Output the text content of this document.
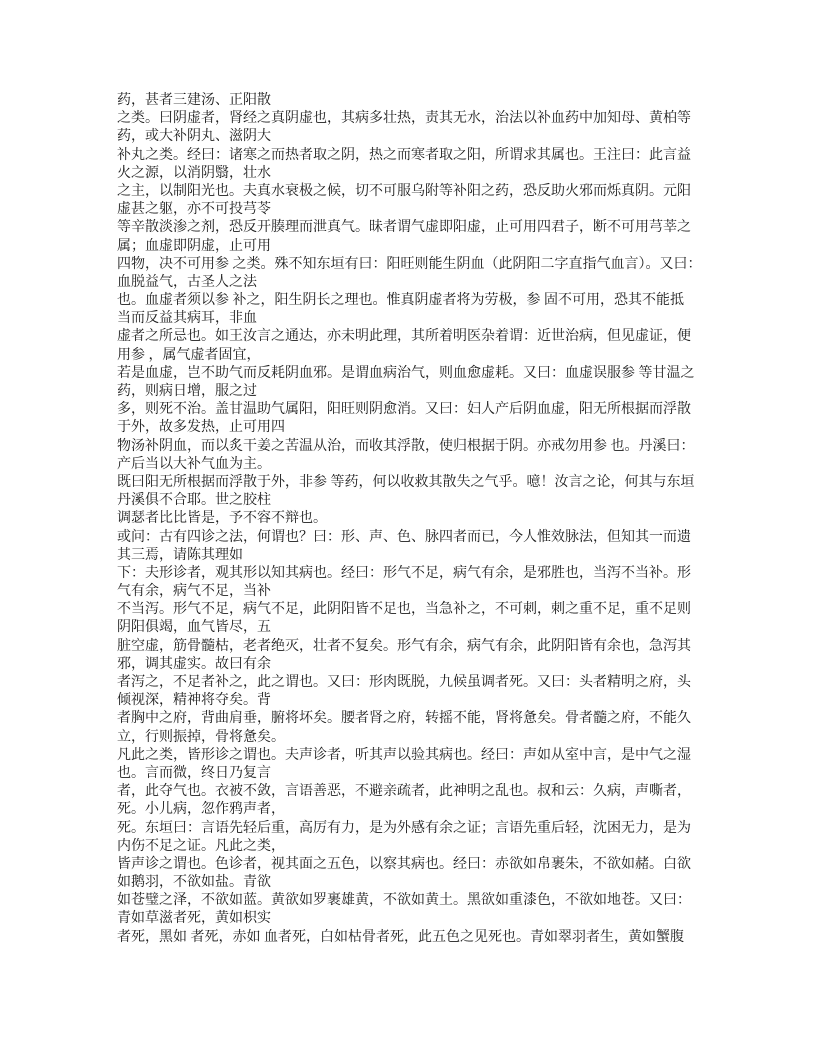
药，甚者三建汤、正阳散
之类。曰阴虚者，肾经之真阴虚也，其病多壮热，责其无水，治法以补血药中加知母、黄柏等
药，或大补阴丸、滋阴大
补丸之类。经曰：诸寒之而热者取之阴，热之而寒者取之阳，所谓求其属也。王注曰：此言益
火之源，以消阴翳，壮水
之主，以制阳光也。夫真水衰极之候，切不可服乌附等补阳之药，恐反助火邪而烁真阴。元阳
虚甚之躯，亦不可投芎苓
等辛散淡渗之剂，恐反开腠理而泄真气。昧者谓气虚即阳虚，止可用四君子，断不可用芎莘之
属；血虚即阴虚，止可用
四物，决不可用参 之类。殊不知东垣有曰：阳旺则能生阴血（此阴阳二字直指气血言）。又曰：
血脱益气，古圣人之法
也。血虚者须以参 补之，阳生阴长之理也。惟真阴虚者将为劳极，参 固不可用，恐其不能抵
当而反益其病耳，非血
虚者之所忌也。如王汝言之通达，亦未明此理，其所着明医杂着谓：近世治病，但见虚证，便
用参 ，属气虚者固宜，
若是血虚，岂不助气而反耗阴血邪。是谓血病治气，则血愈虚耗。又曰：血虚误服参 等甘温之
药，则病日增，服之过
多，则死不治。盖甘温助气属阳，阳旺则阴愈消。又曰：妇人产后阴血虚，阳无所根据而浮散
于外，故多发热，止可用四
物汤补阴血，而以炙干姜之苦温从治，而收其浮散，使归根据于阴。亦戒勿用参 也。丹溪曰：
产后当以大补气血为主。
既曰阳无所根据而浮散于外，非参 等药，何以收救其散失之气乎。噫！汝言之论，何其与东垣
丹溪俱不合耶。世之胶柱
调瑟者比比皆是，予不容不辩也。
或问：古有四诊之法，何谓也？曰：形、声、色、脉四者而已，今人惟效脉法，但知其一而遗
其三焉，请陈其理如
下：夫形诊者，观其形以知其病也。经曰：形气不足，病气有余，是邪胜也，当泻不当补。形
气有余，病气不足，当补
不当泻。形气不足，病气不足，此阴阳皆不足也，当急补之，不可刺，刺之重不足，重不足则
阴阳俱竭，血气皆尽，五
脏空虚，筋骨髓枯，老者绝灭，壮者不复矣。形气有余，病气有余，此阴阳皆有余也，急泻其
邪，调其虚实。故曰有余
者泻之，不足者补之，此之谓也。又曰：形肉既脱，九候虽调者死。又曰：头者精明之府，头
倾视深，精神将夺矣。背
者胸中之府，背曲肩垂，腑将坏矣。腰者肾之府，转摇不能，肾将惫矣。骨者髓之府，不能久
立，行则振掉，骨将惫矣。
凡此之类，皆形诊之谓也。夫声诊者，听其声以验其病也。经曰：声如从室中言，是中气之湿
也。言而微，终日乃复言
者，此夺气也。衣被不敛，言语善恶，不避亲疏者，此神明之乱也。叔和云：久病，声嘶者，
死。小儿病，忽作鸦声者，
死。东垣曰：言语先轻后重，高厉有力，是为外感有余之证；言语先重后轻，沈困无力，是为
内伤不足之证。凡此之类，
皆声诊之谓也。色诊者，视其面之五色，以察其病也。经曰：赤欲如帛裹朱，不欲如赭。白欲
如鹅羽，不欲如盐。青欲
如苍璧之泽，不欲如蓝。黄欲如罗裹雄黄，不欲如黄土。黑欲如重漆色，不欲如地苍。又曰：
青如草滋者死，黄如枳实
者死，黑如 者死，赤如 血者死，白如枯骨者死，此五色之见死也。青如翠羽者生，黄如蟹腹
